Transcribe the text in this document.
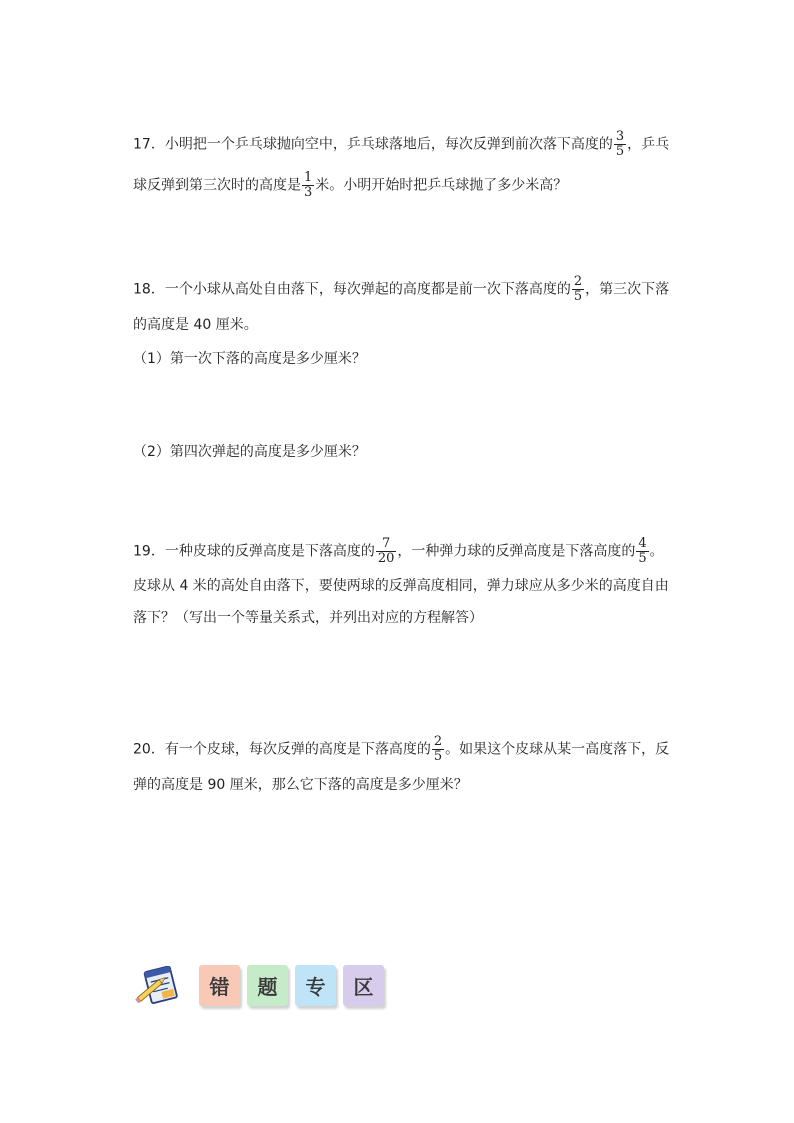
17．小明把一个乒乓球抛向空中，乒乓球落地后，每次反弹到前次落下高度的 $\frac{3}{5}$ ，乒乓
球反弹到第三次时的高度是 $\frac{1}{3}$ 米。小明开始时把乒乓球抛了多少米高？
18．一个小球从高处自由落下，每次弹起的高度都是前一次下落高度的 $\frac{2}{5}$ ，第三次下落
的高度是 40 厘米。
（1）第一次下落的高度是多少厘米？
（2）第四次弹起的高度是多少厘米？
19．一种皮球的反弹高度是下落高度的 $\frac{7}{20}$ ，一种弹力球的反弹高度是下落高度的 $\frac{4}{5}$ 。
皮球从 4 米的高处自由落下，要使两球的反弹高度相同，弹力球应从多少米的高度自由
落下？（写出一个等量关系式，并列出对应的方程解答）
20．有一个皮球，每次反弹的高度是下落高度的 $\frac{2}{5}$ 。如果这个皮球从某一高度落下，反
弹的高度是 90 厘米，那么它下落的高度是多少厘米？
错 题 专 区
